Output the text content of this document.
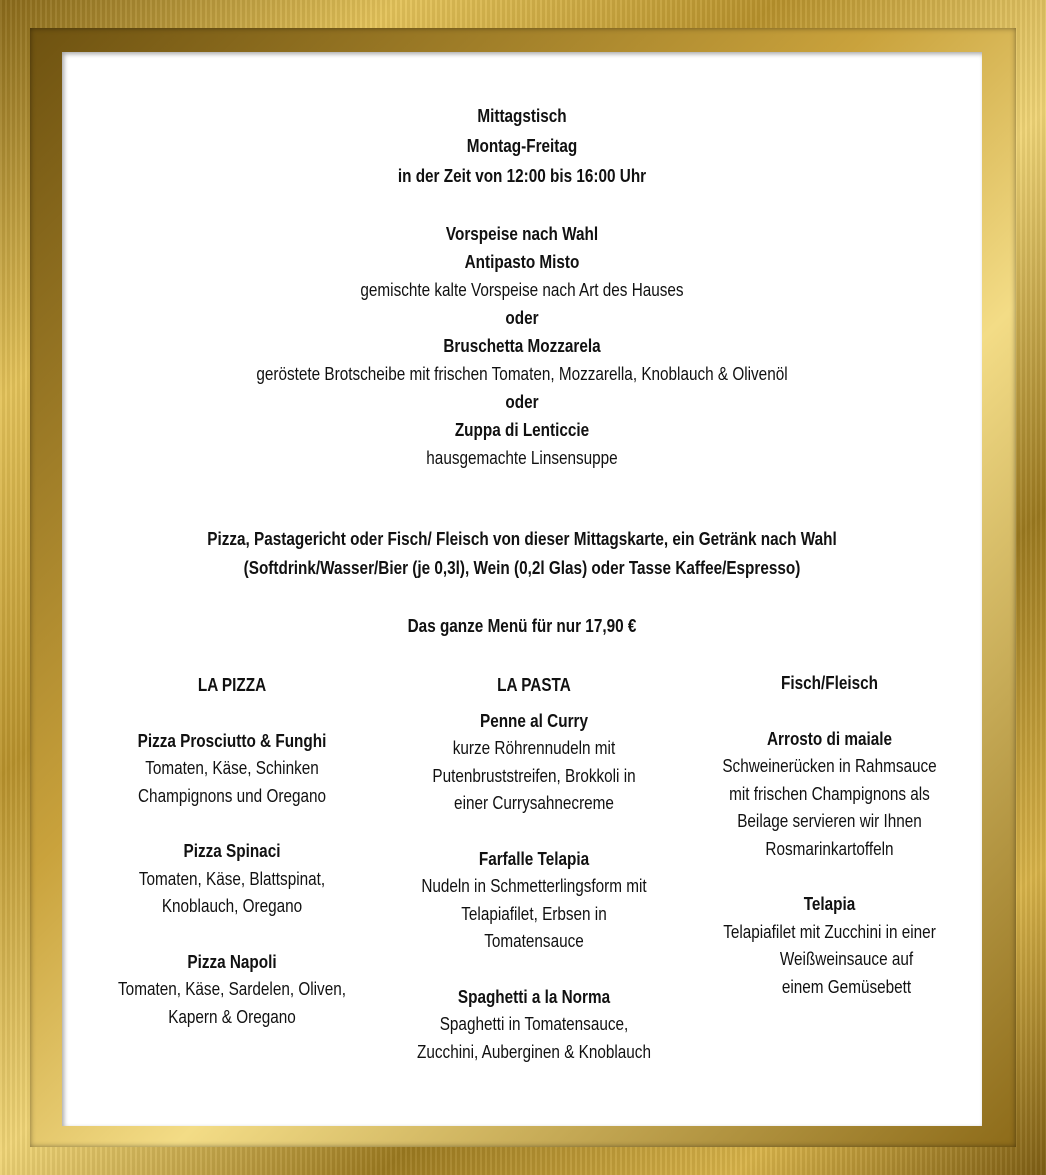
Mittagstisch
Montag-Freitag
in der Zeit von 12:00 bis 16:00 Uhr
Vorspeise nach Wahl
Antipasto Misto
gemischte kalte Vorspeise nach Art des Hauses
oder
Bruschetta Mozzarela
geröstete Brotscheibe mit frischen Tomaten, Mozzarella, Knoblauch & Olivenöl
oder
Zuppa di Lenticcie
hausgemachte Linsensuppe
Pizza, Pastagericht oder Fisch/ Fleisch von dieser Mittagskarte, ein Getränk nach Wahl
(Softdrink/Wasser/Bier (je 0,3l), Wein (0,2l Glas) oder Tasse Kaffee/Espresso)
Das ganze Menü für nur 17,90 €
LA PIZZA
Pizza Prosciutto & Funghi
Tomaten, Käse, Schinken
Champignons und Oregano
Pizza Spinaci
Tomaten, Käse, Blattspinat,
Knoblauch, Oregano
Pizza Napoli
Tomaten, Käse, Sardelen, Oliven,
Kapern & Oregano
LA PASTA
Penne al Curry
kurze Röhrennudeln mit
Putenbruststreifen, Brokkoli in
einer Currysahnecreme
Farfalle Telapia
Nudeln in Schmetterlingsform mit
Telapiafilet, Erbsen in
Tomatensauce
Spaghetti a la Norma
Spaghetti in Tomatensauce,
Zucchini, Auberginen & Knoblauch
Fisch/Fleisch
Arrosto di maiale
Schweinerücken in Rahmsauce
mit frischen Champignons als
Beilage servieren wir Ihnen
Rosmarinkartoffeln
Telapia
Telapiafilet mit Zucchini in einer
Weißweinsauce auf
einem Gemüsebett
